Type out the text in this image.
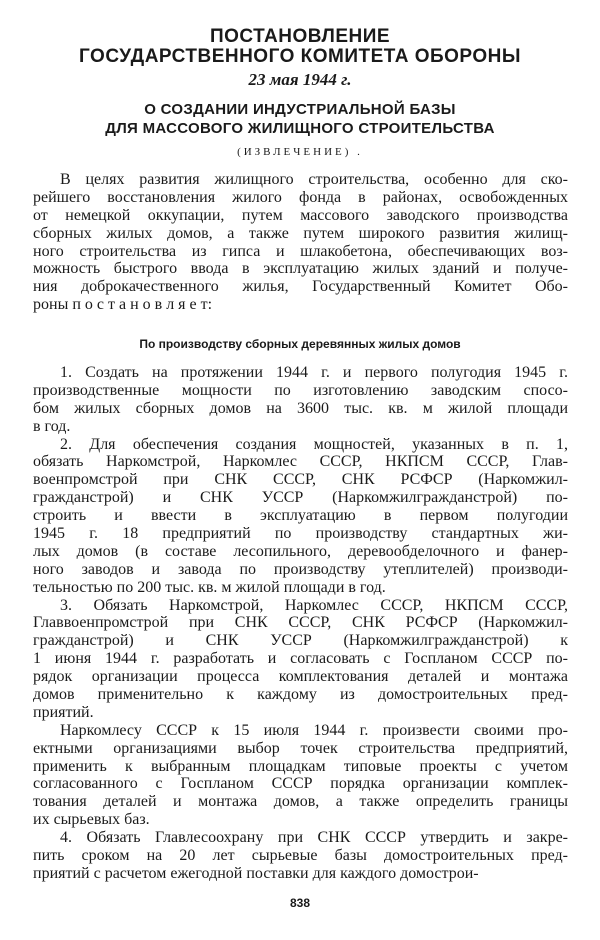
ПОСТАНОВЛЕНИЕ
ГОСУДАРСТВЕННОГО КОМИТЕТА ОБОРОНЫ
23 мая 1944 г.
О СОЗДАНИИ ИНДУСТРИАЛЬНОЙ БАЗЫ
ДЛЯ МАССОВОГО ЖИЛИЩНОГО СТРОИТЕЛЬСТВА
(ИЗВЛЕЧЕНИЕ) .
В целях развития жилищного строительства, особенно для ско-
рейшего восстановления жилого фонда в районах, освобожденных
от немецкой оккупации, путем массового заводского производства
сборных жилых домов, а также путем широкого развития жилищ-
ного строительства из гипса и шлакобетона, обеспечивающих воз-
можность быстрого ввода в эксплуатацию жилых зданий и получе-
ния доброкачественного жилья, Государственный Комитет Обо-
роны п о с т а н о в л я е т:
По производству сборных деревянных жилых домов
1. Создать на протяжении 1944 г. и первого полугодия 1945 г.
производственные мощности по изготовлению заводским спосо-
бом жилых сборных домов на 3600 тыс. кв. м жилой площади
в год.
2. Для обеспечения создания мощностей, указанных в п. 1,
обязать Наркомстрой, Наркомлес СССР, НКПСМ СССР, Глав-
военпромстрой при СНК СССР, СНК РСФСР (Наркомжил-
гражданстрой) и СНК УССР (Наркомжилгражданстрой) по-
строить и ввести в эксплуатацию в первом полугодии
1945 г. 18 предприятий по производству стандартных жи-
лых домов (в составе лесопильного, деревообделочного и фанер-
ного заводов и завода по производству утеплителей) производи-
тельностью по 200 тыс. кв. м жилой площади в год.
3. Обязать Наркомстрой, Наркомлес СССР, НКПСМ СССР,
Главвоенпромстрой при СНК СССР, СНК РСФСР (Наркомжил-
гражданстрой) и СНК УССР (Наркомжилгражданстрой) к
1 июня 1944 г. разработать и согласовать с Госпланом СССР по-
рядок организации процесса комплектования деталей и монтажа
домов применительно к каждому из домостроительных пред-
приятий.
Наркомлесу СССР к 15 июля 1944 г. произвести своими про-
ектными организациями выбор точек строительства предприятий,
применить к выбранным площадкам типовые проекты с учетом
согласованного с Госпланом СССР порядка организации комплек-
тования деталей и монтажа домов, а также определить границы
их сырьевых баз.
4. Обязать Главлесоохрану при СНК СССР утвердить и закре-
пить сроком на 20 лет сырьевые базы домостроительных пред-
приятий с расчетом ежегодной поставки для каждого домострои-
838
